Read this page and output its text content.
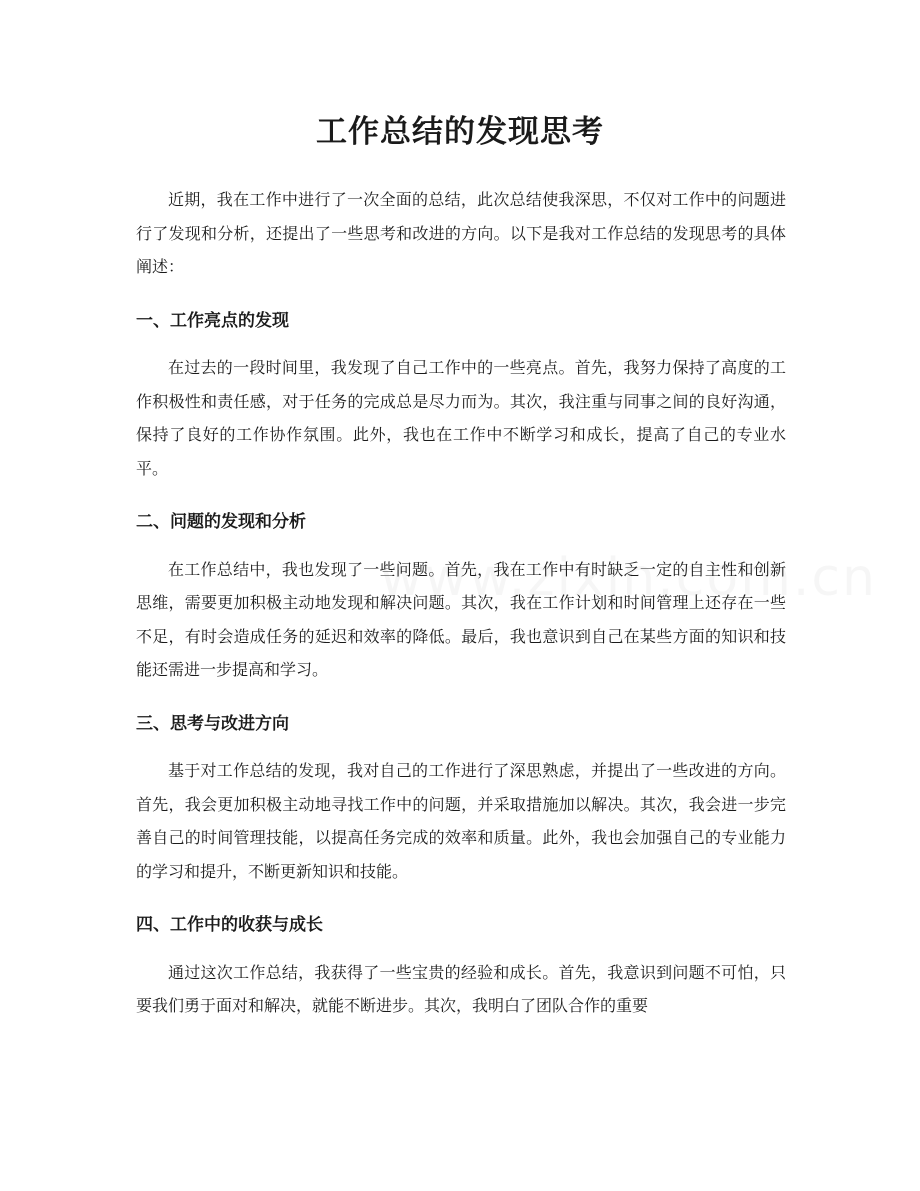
工作总结的发现思考

近期，我在工作中进行了一次全面的总结，此次总结使我深思，不仅对工作中的问题进行了发现和分析，还提出了一些思考和改进的方向。以下是我对工作总结的发现思考的具体阐述：

一、工作亮点的发现

在过去的一段时间里，我发现了自己工作中的一些亮点。首先，我努力保持了高度的工作积极性和责任感，对于任务的完成总是尽力而为。其次，我注重与同事之间的良好沟通，保持了良好的工作协作氛围。此外，我也在工作中不断学习和成长，提高了自己的专业水平。

二、问题的发现和分析

在工作总结中，我也发现了一些问题。首先，我在工作中有时缺乏一定的自主性和创新思维，需要更加积极主动地发现和解决问题。其次，我在工作计划和时间管理上还存在一些不足，有时会造成任务的延迟和效率的降低。最后，我也意识到自己在某些方面的知识和技能还需进一步提高和学习。

三、思考与改进方向

基于对工作总结的发现，我对自己的工作进行了深思熟虑，并提出了一些改进的方向。首先，我会更加积极主动地寻找工作中的问题，并采取措施加以解决。其次，我会进一步完善自己的时间管理技能，以提高任务完成的效率和质量。此外，我也会加强自己的专业能力的学习和提升，不断更新知识和技能。

四、工作中的收获与成长

通过这次工作总结，我获得了一些宝贵的经验和成长。首先，我意识到问题不可怕，只要我们勇于面对和解决，就能不断进步。其次，我明白了团队合作的重要
